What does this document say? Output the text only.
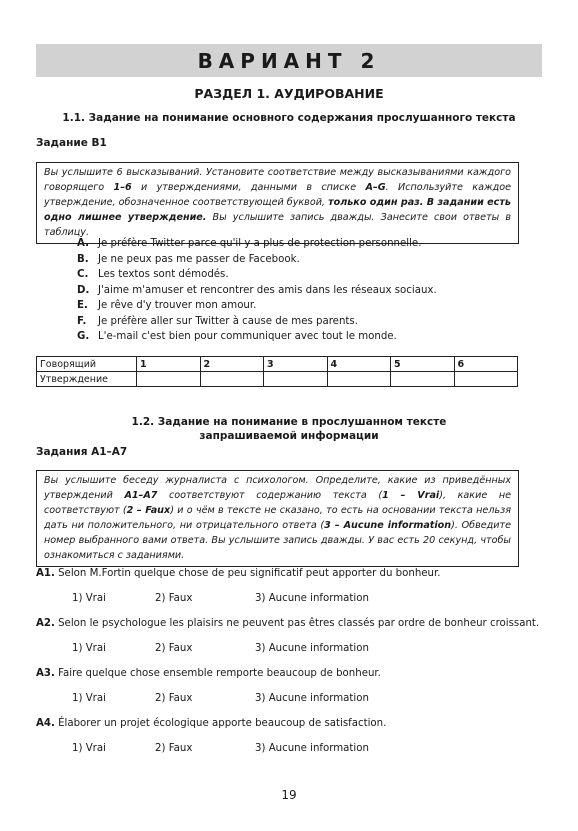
ВАРИАНТ 2
РАЗДЕЛ 1. АУДИРОВАНИЕ
1.1. Задание на понимание основного содержания прослушанного текста
Задание B1
Вы услышите 6 высказываний. Установите соответствие между высказываниями каждого говорящего 1–6 и утверждениями, данными в списке A–G. Используйте каждое утверждение, обозначенное соответствующей буквой, только один раз. В задании есть одно лишнее утверждение. Вы услышите запись дважды. Занесите свои ответы в таблицу.
A. Je préfère Twitter parce qu'il y a plus de protection personnelle.
B. Je ne peux pas me passer de Facebook.
C. Les textos sont démodés.
D. J'aime m'amuser et rencontrer des amis dans les réseaux sociaux.
E. Je rêve d'y trouver mon amour.
F. Je préfère aller sur Twitter à cause de mes parents.
G. L'e-mail c'est bien pour communiquer avec tout le monde.
Говорящий	1	2	3	4	5	6
Утверждение						
1.2. Задание на понимание в прослушанном тексте
запрашиваемой информации
Задания A1–A7
Вы услышите беседу журналиста с психологом. Определите, какие из приведённых утверждений A1–A7 соответствуют содержанию текста (1 – Vrai), какие не соответствуют (2 – Faux) и о чём в тексте не сказано, то есть на основании текста нельзя дать ни положительного, ни отрицательного ответа (3 – Aucune information). Обведите номер выбранного вами ответа. Вы услышите запись дважды. У вас есть 20 секунд, чтобы ознакомиться с заданиями.
A1. Selon M.Fortin quelque chose de peu significatif peut apporter du bonheur.
1) Vrai	2) Faux	3) Aucune information
A2. Selon le psychologue les plaisirs ne peuvent pas êtres classés par ordre de bonheur croissant.
1) Vrai	2) Faux	3) Aucune information
A3. Faire quelque chose ensemble remporte beaucoup de bonheur.
1) Vrai	2) Faux	3) Aucune information
A4. Élaborer un projet écologique apporte beaucoup de satisfaction.
1) Vrai	2) Faux	3) Aucune information
19
